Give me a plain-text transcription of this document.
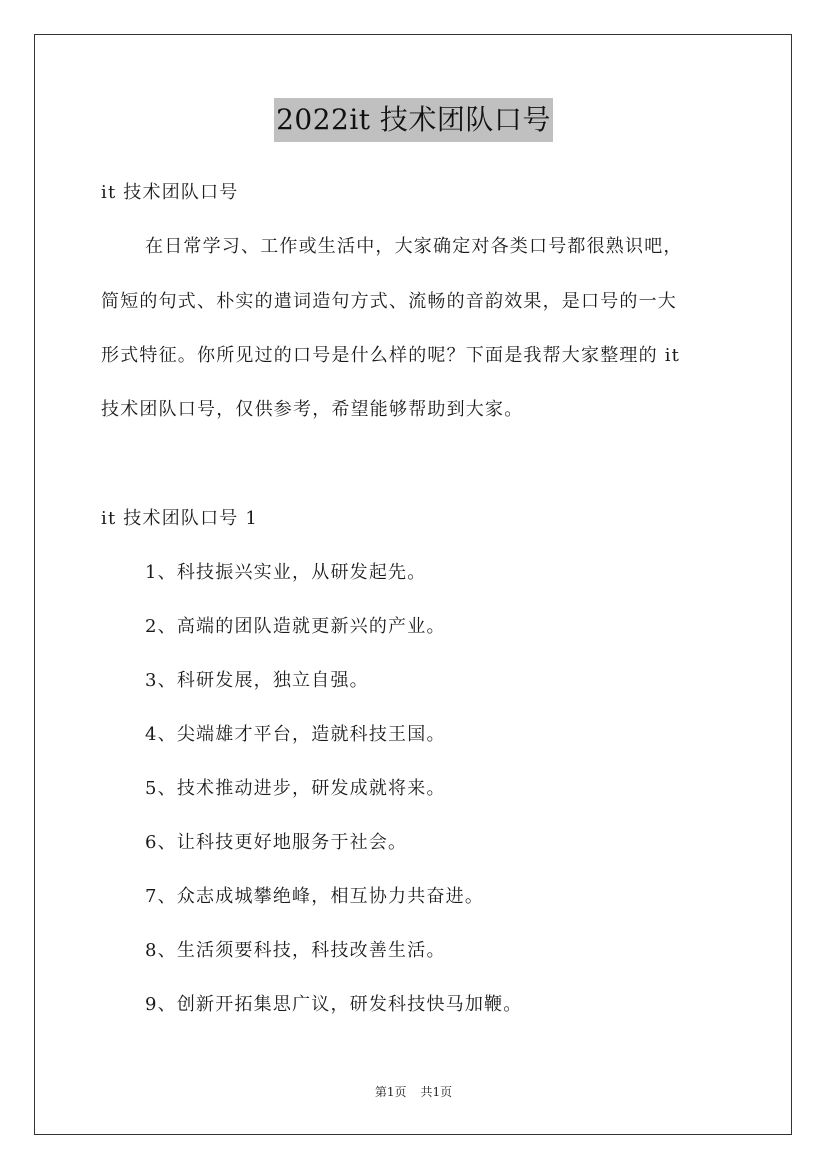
2022it 技术团队口号
it 技术团队口号
在日常学习、工作或生活中，大家确定对各类口号都很熟识吧，
简短的句式、朴实的遣词造句方式、流畅的音韵效果，是口号的一大
形式特征。你所见过的口号是什么样的呢？下面是我帮大家整理的 it
技术团队口号，仅供参考，希望能够帮助到大家。
it 技术团队口号 1
1、科技振兴实业，从研发起先。
2、高端的团队造就更新兴的产业。
3、科研发展，独立自强。
4、尖端雄才平台，造就科技王国。
5、技术推动进步，研发成就将来。
6、让科技更好地服务于社会。
7、众志成城攀绝峰，相互协力共奋进。
8、生活须要科技，科技改善生活。
9、创新开拓集思广议，研发科技快马加鞭。
第1页 共1页
